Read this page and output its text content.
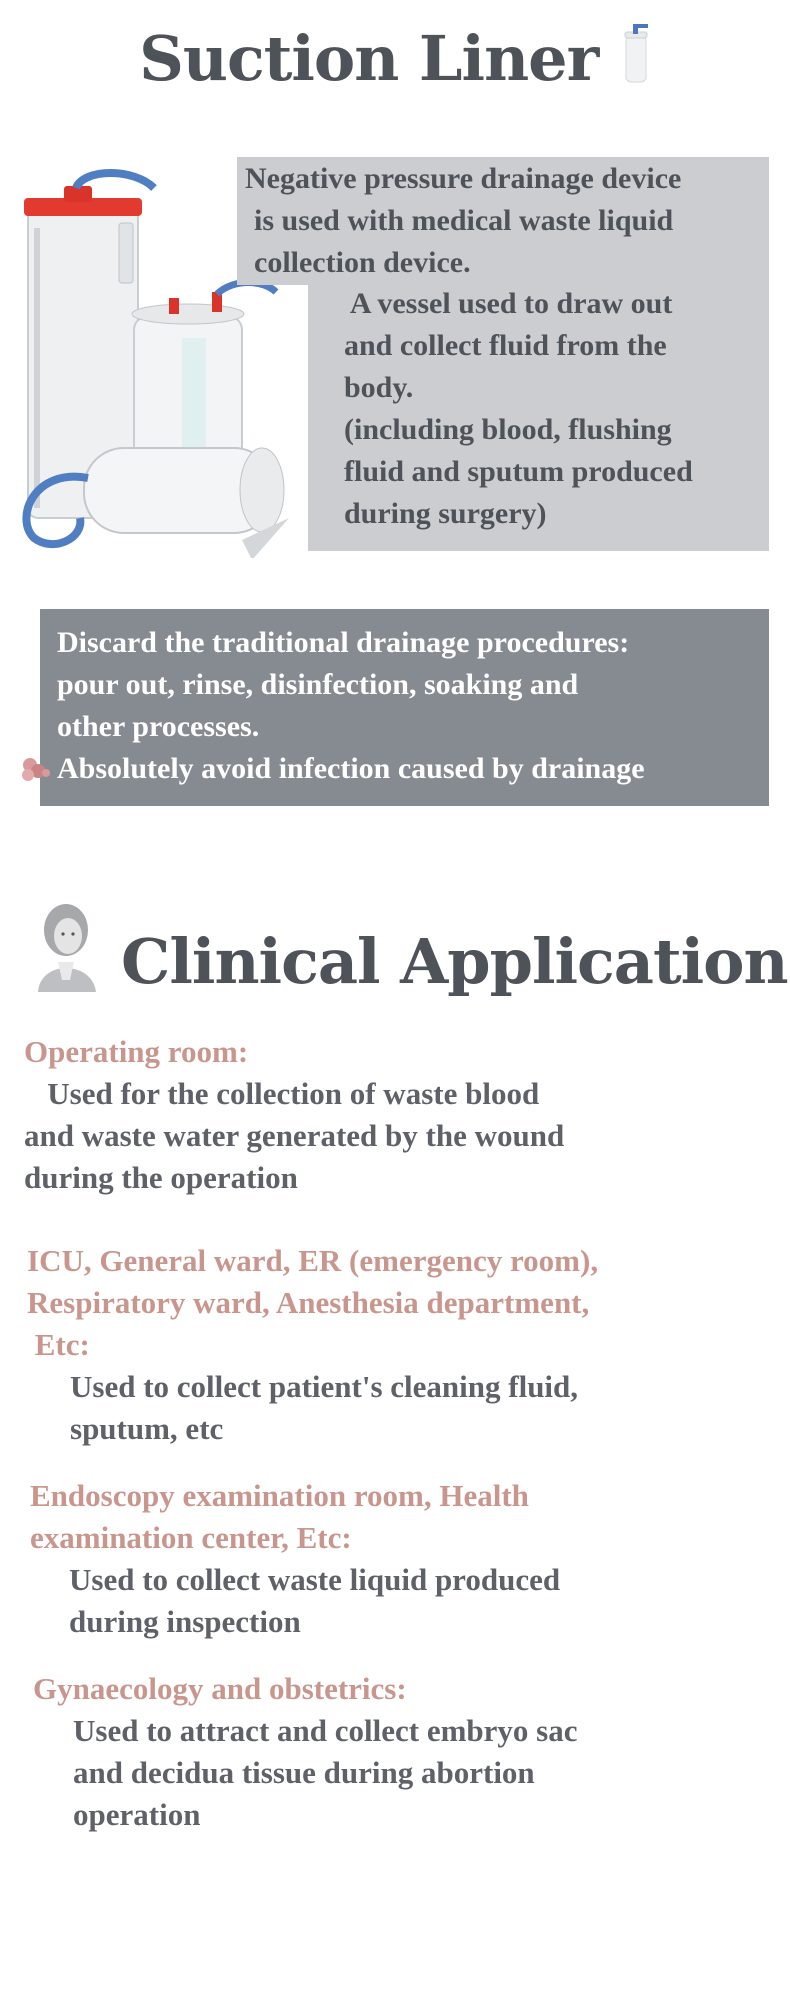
Suction Liner
Negative pressure drainage device
is used with medical waste liquid
collection device.
A vessel used to draw out
and collect fluid from the
body.
(including blood, flushing
fluid and sputum produced
during surgery)
Discard the traditional drainage procedures:
pour out, rinse, disinfection, soaking and
other processes.
Absolutely avoid infection caused by drainage
Clinical Application
Operating room:
Used for the collection of waste blood
and waste water generated by the wound
during the operation
ICU, General ward, ER (emergency room),
Respiratory ward, Anesthesia department,
Etc:
Used to collect patient's cleaning fluid,
sputum, etc
Endoscopy examination room, Health
examination center, Etc:
Used to collect waste liquid produced
during inspection
Gynaecology and obstetrics:
Used to attract and collect embryo sac
and decidua tissue during abortion
operation
